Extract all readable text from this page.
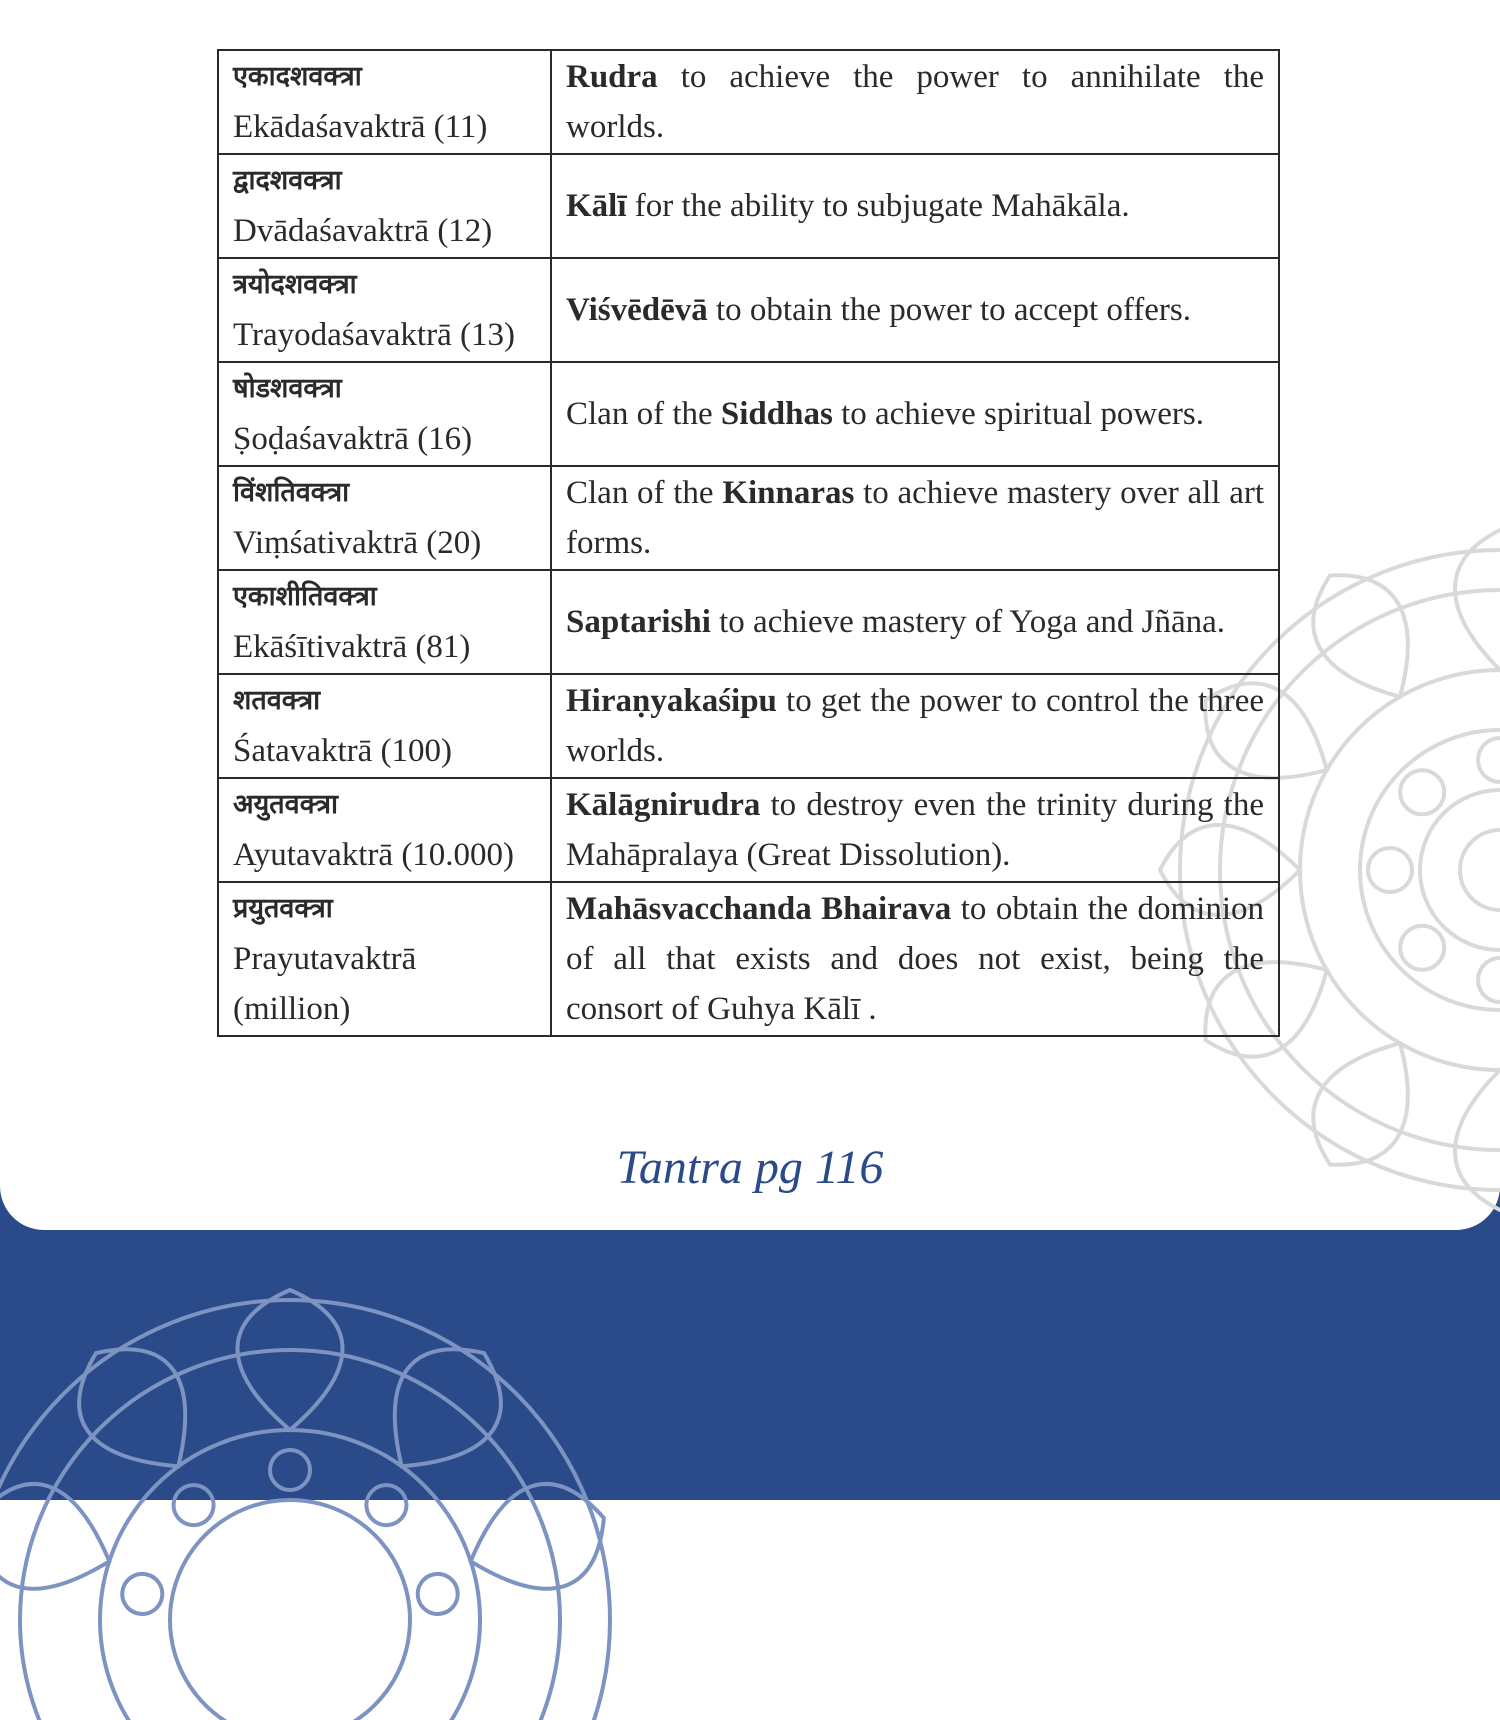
एकादशवक्त्रा
Ekādaśavaktrā (11)	Rudra to achieve the power to annihilate the worlds.

द्वादशवक्त्रा
Dvādaśavaktrā (12)	Kālī for the ability to subjugate Mahākāla.

त्रयोदशवक्त्रा
Trayodaśavaktrā (13)	Viśvēdēvā to obtain the power to accept offers.

षोडशवक्त्रा
Ṣoḍaśavaktrā (16)	Clan of the Siddhas to achieve spiritual powers.

विंशतिवक्त्रा
Viṃśativaktrā (20)	Clan of the Kinnaras to achieve mastery over all art forms.

एकाशीतिवक्त्रा
Ekāśītivaktrā (81)	Saptarishi to achieve mastery of Yoga and Jñāna.

शतवक्त्रा
Śatavaktrā (100)	Hiraṇyakaśipu to get the power to control the three worlds.

अयुतवक्त्रा
Ayutavaktrā (10.000)	Kālāgnirudra to destroy even the trinity during the Mahāpralaya (Great Dissolution).

प्रयुतवक्त्रा
Prayutavaktrā (million)	Mahāsvacchanda Bhairava to obtain the dominion of all that exists and does not exist, being the consort of Guhya Kālī .
Tantra pg 116
